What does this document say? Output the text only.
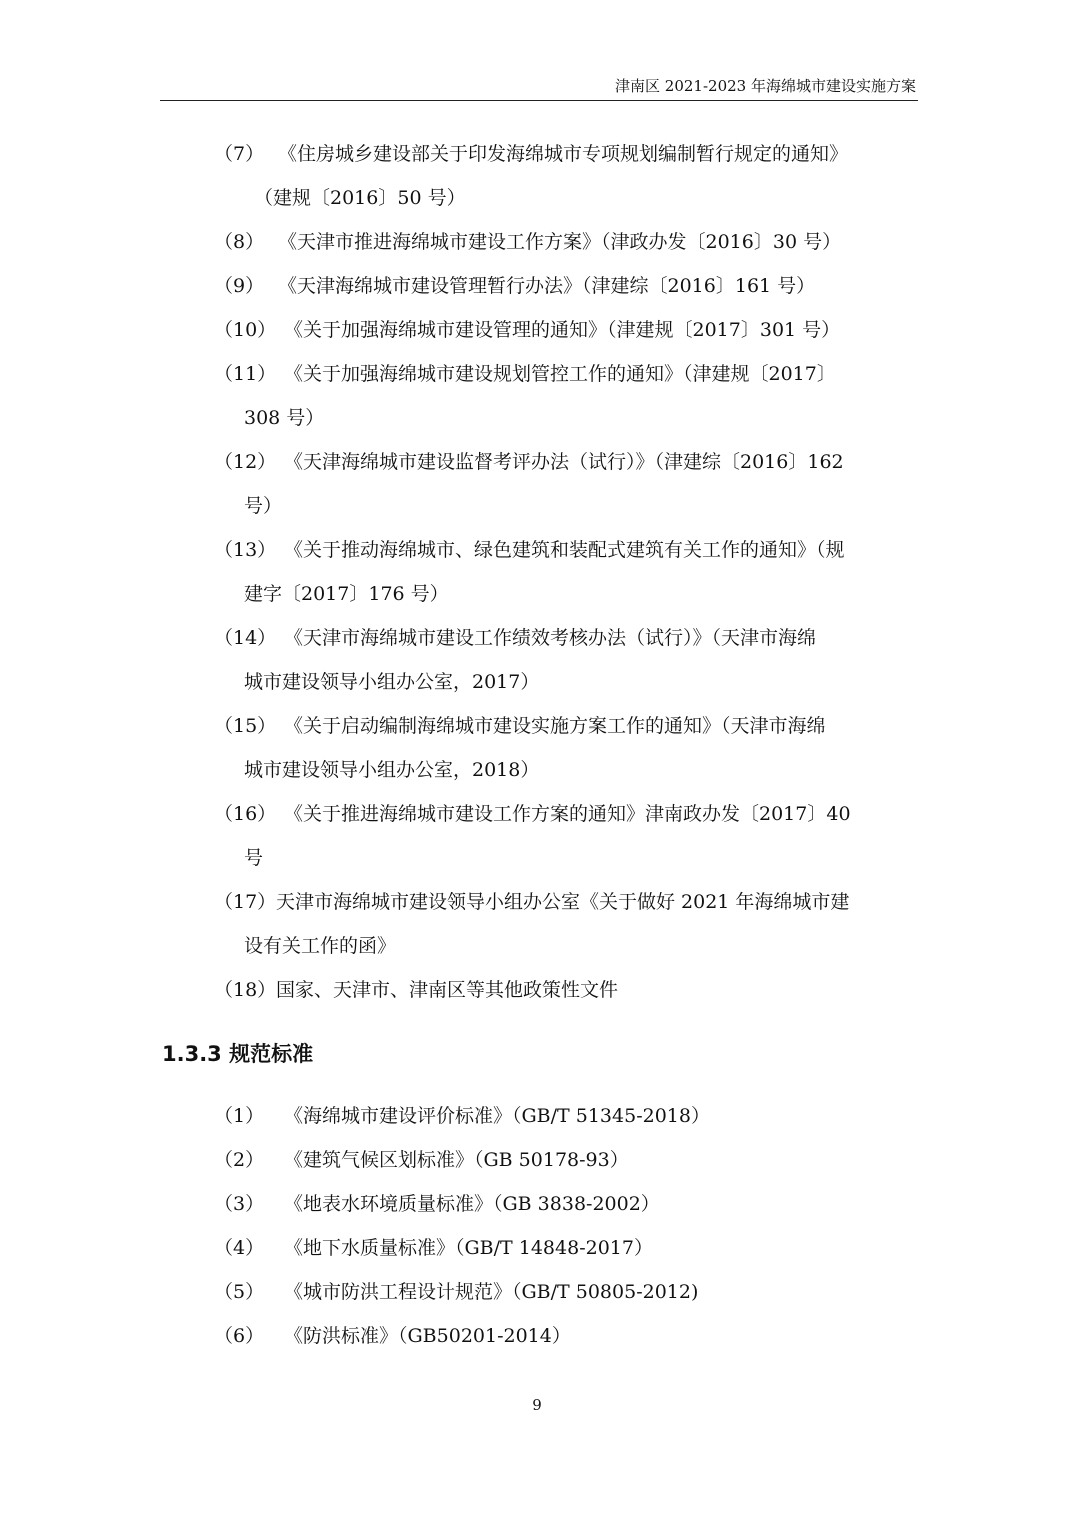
津南区 2021-2023 年海绵城市建设实施方案
（7） 《住房城乡建设部关于印发海绵城市专项规划编制暂行规定的通知》
（建规〔2016〕50 号）
（8） 《天津市推进海绵城市建设工作方案》（津政办发〔2016〕30 号）
（9） 《天津海绵城市建设管理暂行办法》（津建综〔2016〕161 号）
（10） 《关于加强海绵城市建设管理的通知》（津建规〔2017〕301 号）
（11） 《关于加强海绵城市建设规划管控工作的通知》（津建规〔2017〕
308 号）
（12） 《天津海绵城市建设监督考评办法（试行）》（津建综〔2016〕162
号）
（13） 《关于推动海绵城市、绿色建筑和装配式建筑有关工作的通知》（规
建字〔2017〕176 号）
（14） 《天津市海绵城市建设工作绩效考核办法（试行）》（天津市海绵
城市建设领导小组办公室，2017）
（15） 《关于启动编制海绵城市建设实施方案工作的通知》（天津市海绵
城市建设领导小组办公室，2018）
（16） 《关于推进海绵城市建设工作方案的通知》津南政办发〔2017〕40
号
（17）天津市海绵城市建设领导小组办公室《关于做好 2021 年海绵城市建
设有关工作的函》
（18）国家、天津市、津南区等其他政策性文件
1.3.3 规范标准
（1） 《海绵城市建设评价标准》（GB/T 51345-2018）
（2） 《建筑气候区划标准》（GB 50178-93）
（3） 《地表水环境质量标准》（GB 3838-2002）
（4） 《地下水质量标准》（GB/T 14848-2017）
（5） 《城市防洪工程设计规范》（GB/T 50805-2012)
（6） 《防洪标准》（GB50201-2014）
9
